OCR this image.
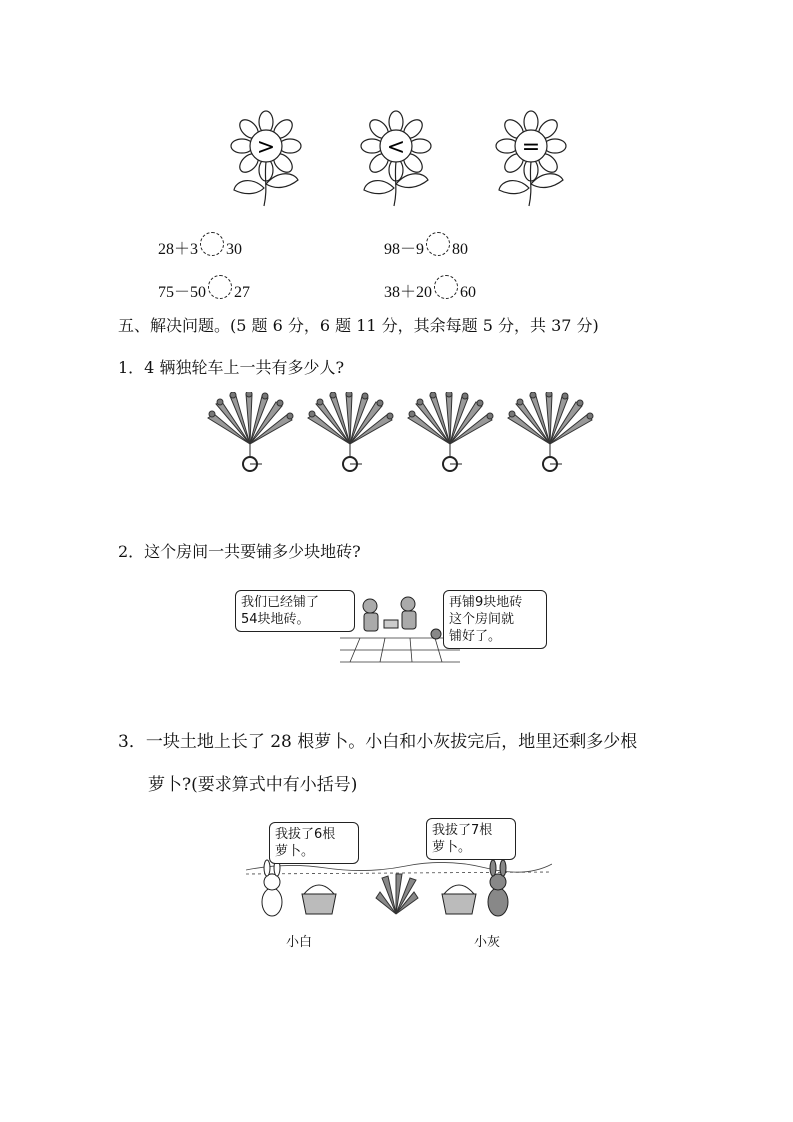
>	<	=
28＋3 30	98－9 80
75－50 27	38＋20 60
五、解决问题。(5 题 6 分，6 题 11 分，其余每题 5 分，共 37 分)
1．4 辆独轮车上一共有多少人?
2．这个房间一共要铺多少块地砖?
我们已经铺了
54块地砖。
再铺9块地砖
这个房间就
铺好了。
3．一块土地上长了 28 根萝卜。小白和小灰拔完后，地里还剩多少根
萝卜?(要求算式中有小括号)
我拔了6根
萝卜。
我拔了7根
萝卜。
小白	小灰
